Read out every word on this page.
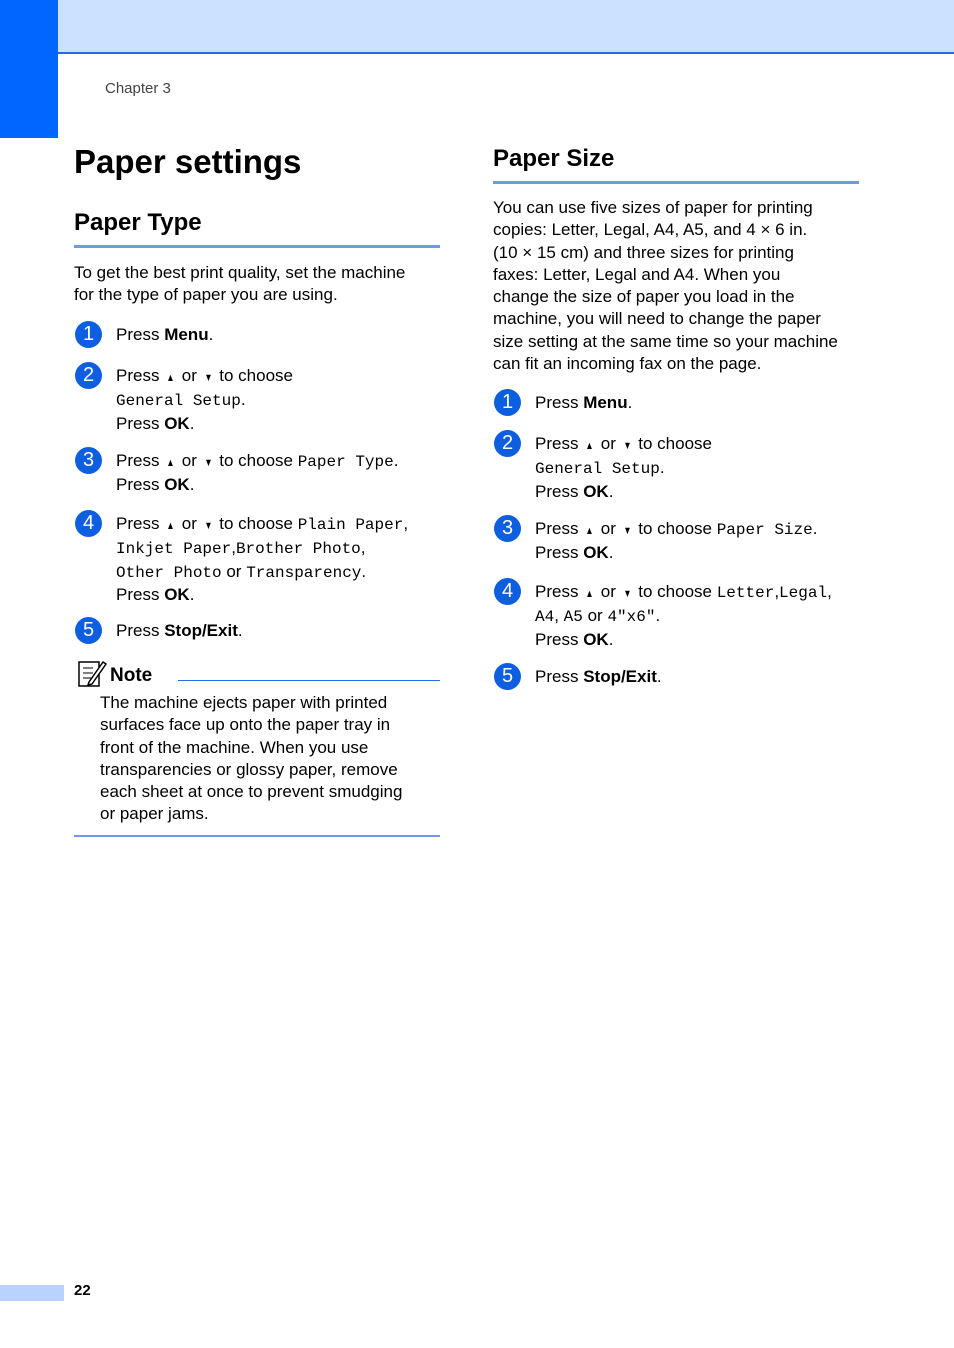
Chapter 3
Paper settings
Paper Type
To get the best print quality, set the machine
for the type of paper you are using.
1	Press Menu.
2	Press ▲ or ▼ to choose
General Setup.
Press OK.
3	Press ▲ or ▼ to choose Paper Type.
Press OK.
4	Press ▲ or ▼ to choose Plain Paper,
Inkjet Paper,Brother Photo,
Other Photo or Transparency.
Press OK.
5	Press Stop/Exit.
Note
The machine ejects paper with printed
surfaces face up onto the paper tray in
front of the machine. When you use
transparencies or glossy paper, remove
each sheet at once to prevent smudging
or paper jams.
Paper Size
You can use five sizes of paper for printing
copies: Letter, Legal, A4, A5, and 4 × 6 in.
(10 × 15 cm) and three sizes for printing
faxes: Letter, Legal and A4. When you
change the size of paper you load in the
machine, you will need to change the paper
size setting at the same time so your machine
can fit an incoming fax on the page.
1	Press Menu.
2	Press ▲ or ▼ to choose
General Setup.
Press OK.
3	Press ▲ or ▼ to choose Paper Size.
Press OK.
4	Press ▲ or ▼ to choose Letter,Legal,
A4, A5 or 4"x6".
Press OK.
5	Press Stop/Exit.
22
